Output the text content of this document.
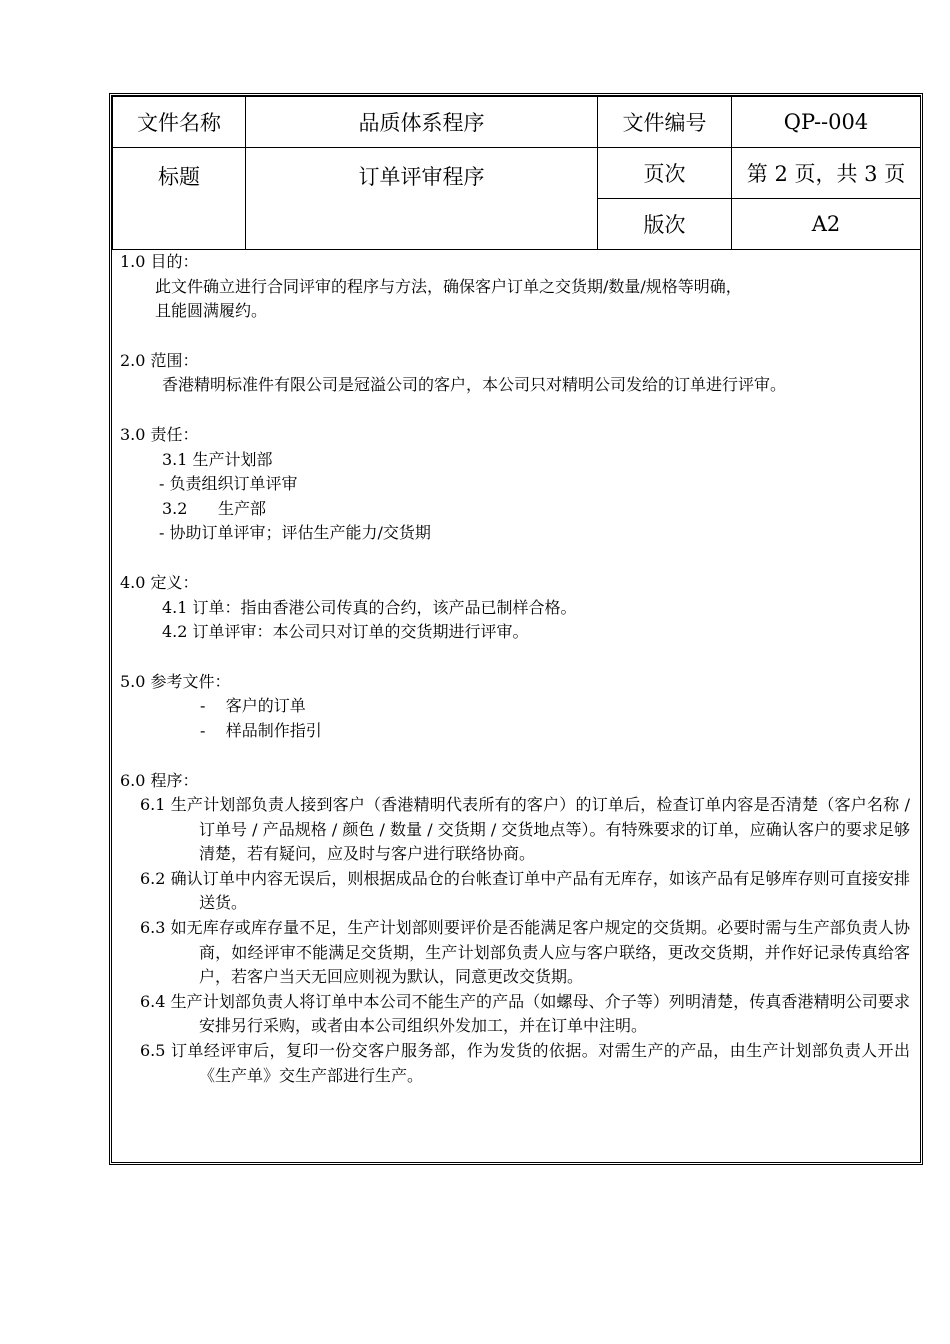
文件名称	品质体系程序	文件编号	QP--004
标题	订单评审程序	页次	第 2 页，共 3 页
		版次	A2
1.0 目的：
此文件确立进行合同评审的程序与方法，确保客户订单之交货期/数量/规格等明确，
且能圆满履约。
2.0 范围：
香港精明标准件有限公司是冠溢公司的客户，本公司只对精明公司发给的订单进行评审。
3.0 责任：
3.1 生产计划部
- 负责组织订单评审
3.2      生产部
- 协助订单评审；评估生产能力/交货期
4.0 定义：
4.1 订单：指由香港公司传真的合约，该产品已制样合格。
4.2 订单评审：本公司只对订单的交货期进行评审。
5.0 参考文件：
-    客户的订单
-    样品制作指引
6.0 程序：
6.1 生产计划部负责人接到客户（香港精明代表所有的客户）的订单后，检查订单内容是否清楚（客户名称 / 订单号 / 产品规格 / 颜色 / 数量 / 交货期 / 交货地点等）。有特殊要求的订单，应确认客户的要求足够清楚，若有疑问，应及时与客户进行联络协商。
6.2 确认订单中内容无误后，则根据成品仓的台帐查订单中产品有无库存，如该产品有足够库存则可直接安排送货。
6.3 如无库存或库存量不足，生产计划部则要评价是否能满足客户规定的交货期。必要时需与生产部负责人协商，如经评审不能满足交货期，生产计划部负责人应与客户联络，更改交货期，并作好记录传真给客户，若客户当天无回应则视为默认，同意更改交货期。
6.4 生产计划部负责人将订单中本公司不能生产的产品（如螺母、介子等）列明清楚，传真香港精明公司要求安排另行采购，或者由本公司组织外发加工，并在订单中注明。
6.5 订单经评审后，复印一份交客户服务部，作为发货的依据。对需生产的产品，由生产计划部负责人开出《生产单》交生产部进行生产。
